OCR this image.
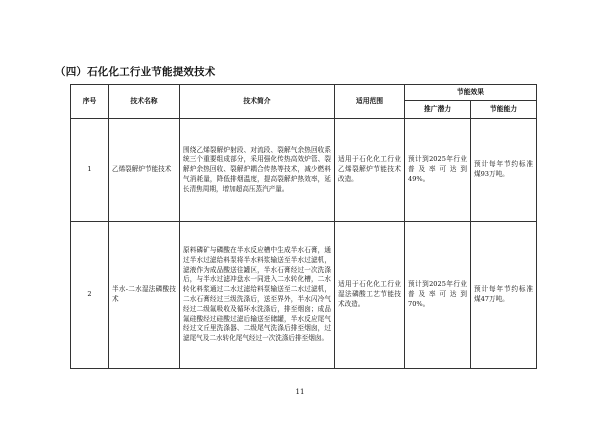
（四）石化化工行业节能提效技术
序号	技术名称	技术简介	适用范围	节能效果	
				推广潜力	节能能力
1	乙烯裂解炉节能技术	围绕乙烯裂解炉射段、对流段、裂解气余热回收系统三个重要组成部分，采用强化传热高效炉管、裂解炉余热回收、裂解炉耦合传热等技术，减少燃料气消耗量，降低排烟温度，提高裂解炉热效率，延长清焦周期，增加超高压蒸汽产量。	适用于石化化工行业乙烯裂解炉节能技术改造。	预计到2025年行业普及率可达到49%。	预计每年节约标准煤93万吨。
2	半水-二水湿法磷酸技术	原料磷矿与磷酸在半水反应槽中生成半水石膏，通过半水过滤给料泵将半水料浆输送至半水过滤机，滤液作为成品酸送往罐区，半水石膏经过一次洗涤后，与半水过滤冲盘水一同进入二水转化槽，二水转化料浆通过二水过滤给料泵输送至二水过滤机，二水石膏经过三级洗涤后，送至界外，半水闪冷气经过二级氟吸收及循环水洗涤后，排至烟囱；成品氟硅酸经过硅酸过滤后输送至储罐，半水反应尾气经过文丘里洗涤器、二级尾气洗涤后排至烟囱，过滤尾气及二水转化尾气经过一次洗涤后排至烟囱。	适用于石化化工行业湿法磷酸工艺节能技术改造。	预计到2025年行业普及率可达到70%。	预计每年节约标准煤47万吨。
11
